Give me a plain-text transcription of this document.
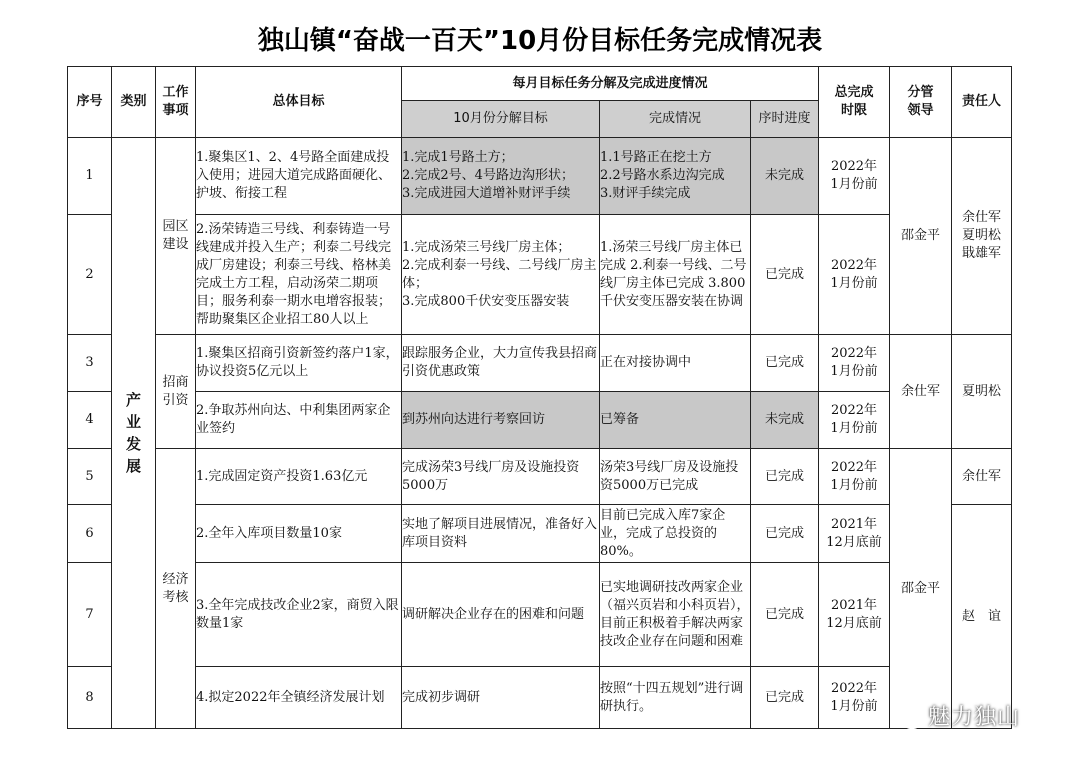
独山镇“奋战一百天”10月份目标任务完成情况表
序号	类别	工作事项	总体目标	每月目标任务分解及完成进度情况			总完成时限	分管领导	责任人
				10月份分解目标	完成情况	序时进度			
1	产业发展	园区建设	1.聚集区1、2、4号路全面建成投入使用；进园大道完成路面硬化、护坡、衔接工程	1.完成1号路土方；
2.完成2号、4号路边沟形状；
3.完成进园大道增补财评手续	1.1号路正在挖土方
2.2号路水系边沟完成
3.财评手续完成	未完成	2022年
1月份前	邵金平	余仕军
夏明松
戢雄军
2			2.汤荣铸造三号线、利泰铸造一号线建成并投入生产；利泰二号线完成厂房建设；利泰三号线、格林美完成土方工程，启动汤荣二期项目；服务利泰一期水电增容报装；帮助聚集区企业招工80人以上	1.完成汤荣三号线厂房主体；
2.完成利泰一号线、二号线厂房主体；
3.完成800千伏安变压器安装	1.汤荣三号线厂房主体已完成 2.利泰一号线、二号线厂房主体已完成 3.800千伏安变压器安装在协调	已完成	2022年
1月份前		
3		招商引资	1.聚集区招商引资新签约落户1家，协议投资5亿元以上	跟踪服务企业，大力宣传我县招商引资优惠政策	正在对接协调中	已完成	2022年
1月份前	余仕军	夏明松
4			2.争取苏州向达、中利集团两家企业签约	到苏州向达进行考察回访	已筹备	未完成	2022年
1月份前		
5		经济考核	1.完成固定资产投资1.63亿元	完成汤荣3号线厂房及设施投资5000万	汤荣3号线厂房及设施投资5000万已完成	已完成	2022年
1月份前	邵金平	余仕军
6			2.全年入库项目数量10家	实地了解项目进展情况，准备好入库项目资料	目前已完成入库7家企业，完成了总投资的80%。	已完成	2021年
12月底前		赵　谊
7			3.全年完成技改企业2家，商贸入限数量1家	调研解决企业存在的困难和问题	已实地调研技改两家企业（福兴页岩和小科页岩），目前正积极着手解决两家技改企业存在问题和困难	已完成	2021年
12月底前		
8			4.拟定2022年全镇经济发展计划	完成初步调研	按照“十四五规划”进行调研执行。	已完成	2022年
1月份前			魅力独山
